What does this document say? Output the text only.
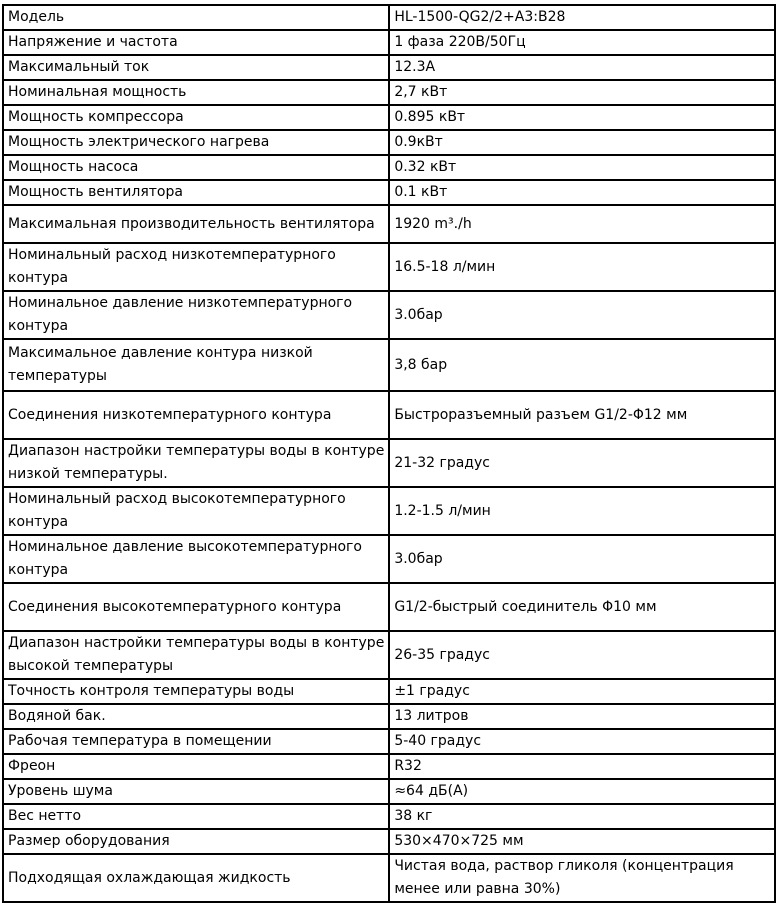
Модель	HL-1500-QG2/2+A3:B28
Напряжение и частота	1 фаза 220В/50Гц
Максимальный ток	12.3A
Номинальная мощность	2,7 кВт
Мощность компрессора	0.895 кВт
Мощность электрического нагрева	0.9кВт
Мощность насоса	0.32 кВт
Мощность вентилятора	0.1 кВт
Максимальная производительность вентилятора	1920 m³./h
Номинальный расход низкотемпературного контура	16.5-18 л/мин
Номинальное давление низкотемпературного контура	3.0бар
Максимальное давление контура низкой температуры	3,8 бар
Соединения низкотемпературного контура	Быстроразъемный разъем G1/2-Φ12 мм
Диапазон настройки температуры воды в контуре низкой температуры.	21-32 градус
Номинальный расход высокотемпературного контура	1.2-1.5 л/мин
Номинальное давление высокотемпературного контура	3.0бар
Соединения высокотемпературного контура	G1/2-быстрый соединитель Φ10 мм
Диапазон настройки температуры воды в контуре высокой температуры	26-35 градус
Точность контроля температуры воды	±1 градус
Водяной бак.	13 литров
Рабочая температура в помещении	5-40 градус
Фреон	R32
Уровень шума	≈64 дБ(A)
Вес нетто	38 кг
Размер оборудования	530×470×725 мм
Подходящая охлаждающая жидкость	Чистая вода, раствор гликоля (концентрация менее или равна 30%)
